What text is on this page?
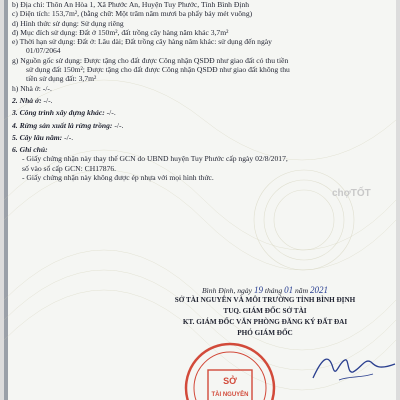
b) Địa chỉ: Thôn An Hòa 1, Xã Phước An, Huyện Tuy Phước, Tỉnh Bình Định
c) Diện tích: 153,7m², (bằng chữ: Một trăm năm mươi ba phẩy bảy mét vuông)
d) Hình thức sử dụng: Sử dụng riêng
đ) Mục đích sử dụng: Đất ở 150m², đất trồng cây hàng năm khác 3,7m²
e) Thời hạn sử dụng: Đất ở: Lâu dài; Đất trồng cây hàng năm khác: sử dụng đến ngày
01/07/2064
g) Nguồn gốc sử dụng: Được tặng cho đất được Công nhận QSDĐ như giao đất có thu tiền
sử dụng đất 150m²; Được tặng cho đất được Công nhận QSDĐ như giao đất không thu
tiền sử dụng đất: 3,7m²
h) Nhà ở: -/-.
2. Nhà ở: -/-.
3. Công trình xây dựng khác: -/-.
4. Rừng sản xuất là rừng trồng: -/-.
5. Cây lâu năm: -/-.
6. Ghi chú:
- Giấy chứng nhận này thay thế GCN do UBND huyện Tuy Phước cấp ngày 02/8/2017,
số vào sổ cấp GCN: CH17876.
- Giấy chứng nhận này không được ép nhựa với mọi hình thức.
chợTỐT
Bình Định, ngày 19 tháng 01 năm 2021
SỞ TÀI NGUYÊN VÀ MÔI TRƯỜNG TỈNH BÌNH ĐỊNH
TUQ. GIÁM ĐỐC SỞ TÀI
KT. GIÁM ĐỐC VĂN PHÒNG ĐĂNG KÝ ĐẤT ĐAI
PHÓ GIÁM ĐỐC
SỞ
TÀI NGUYÊN
